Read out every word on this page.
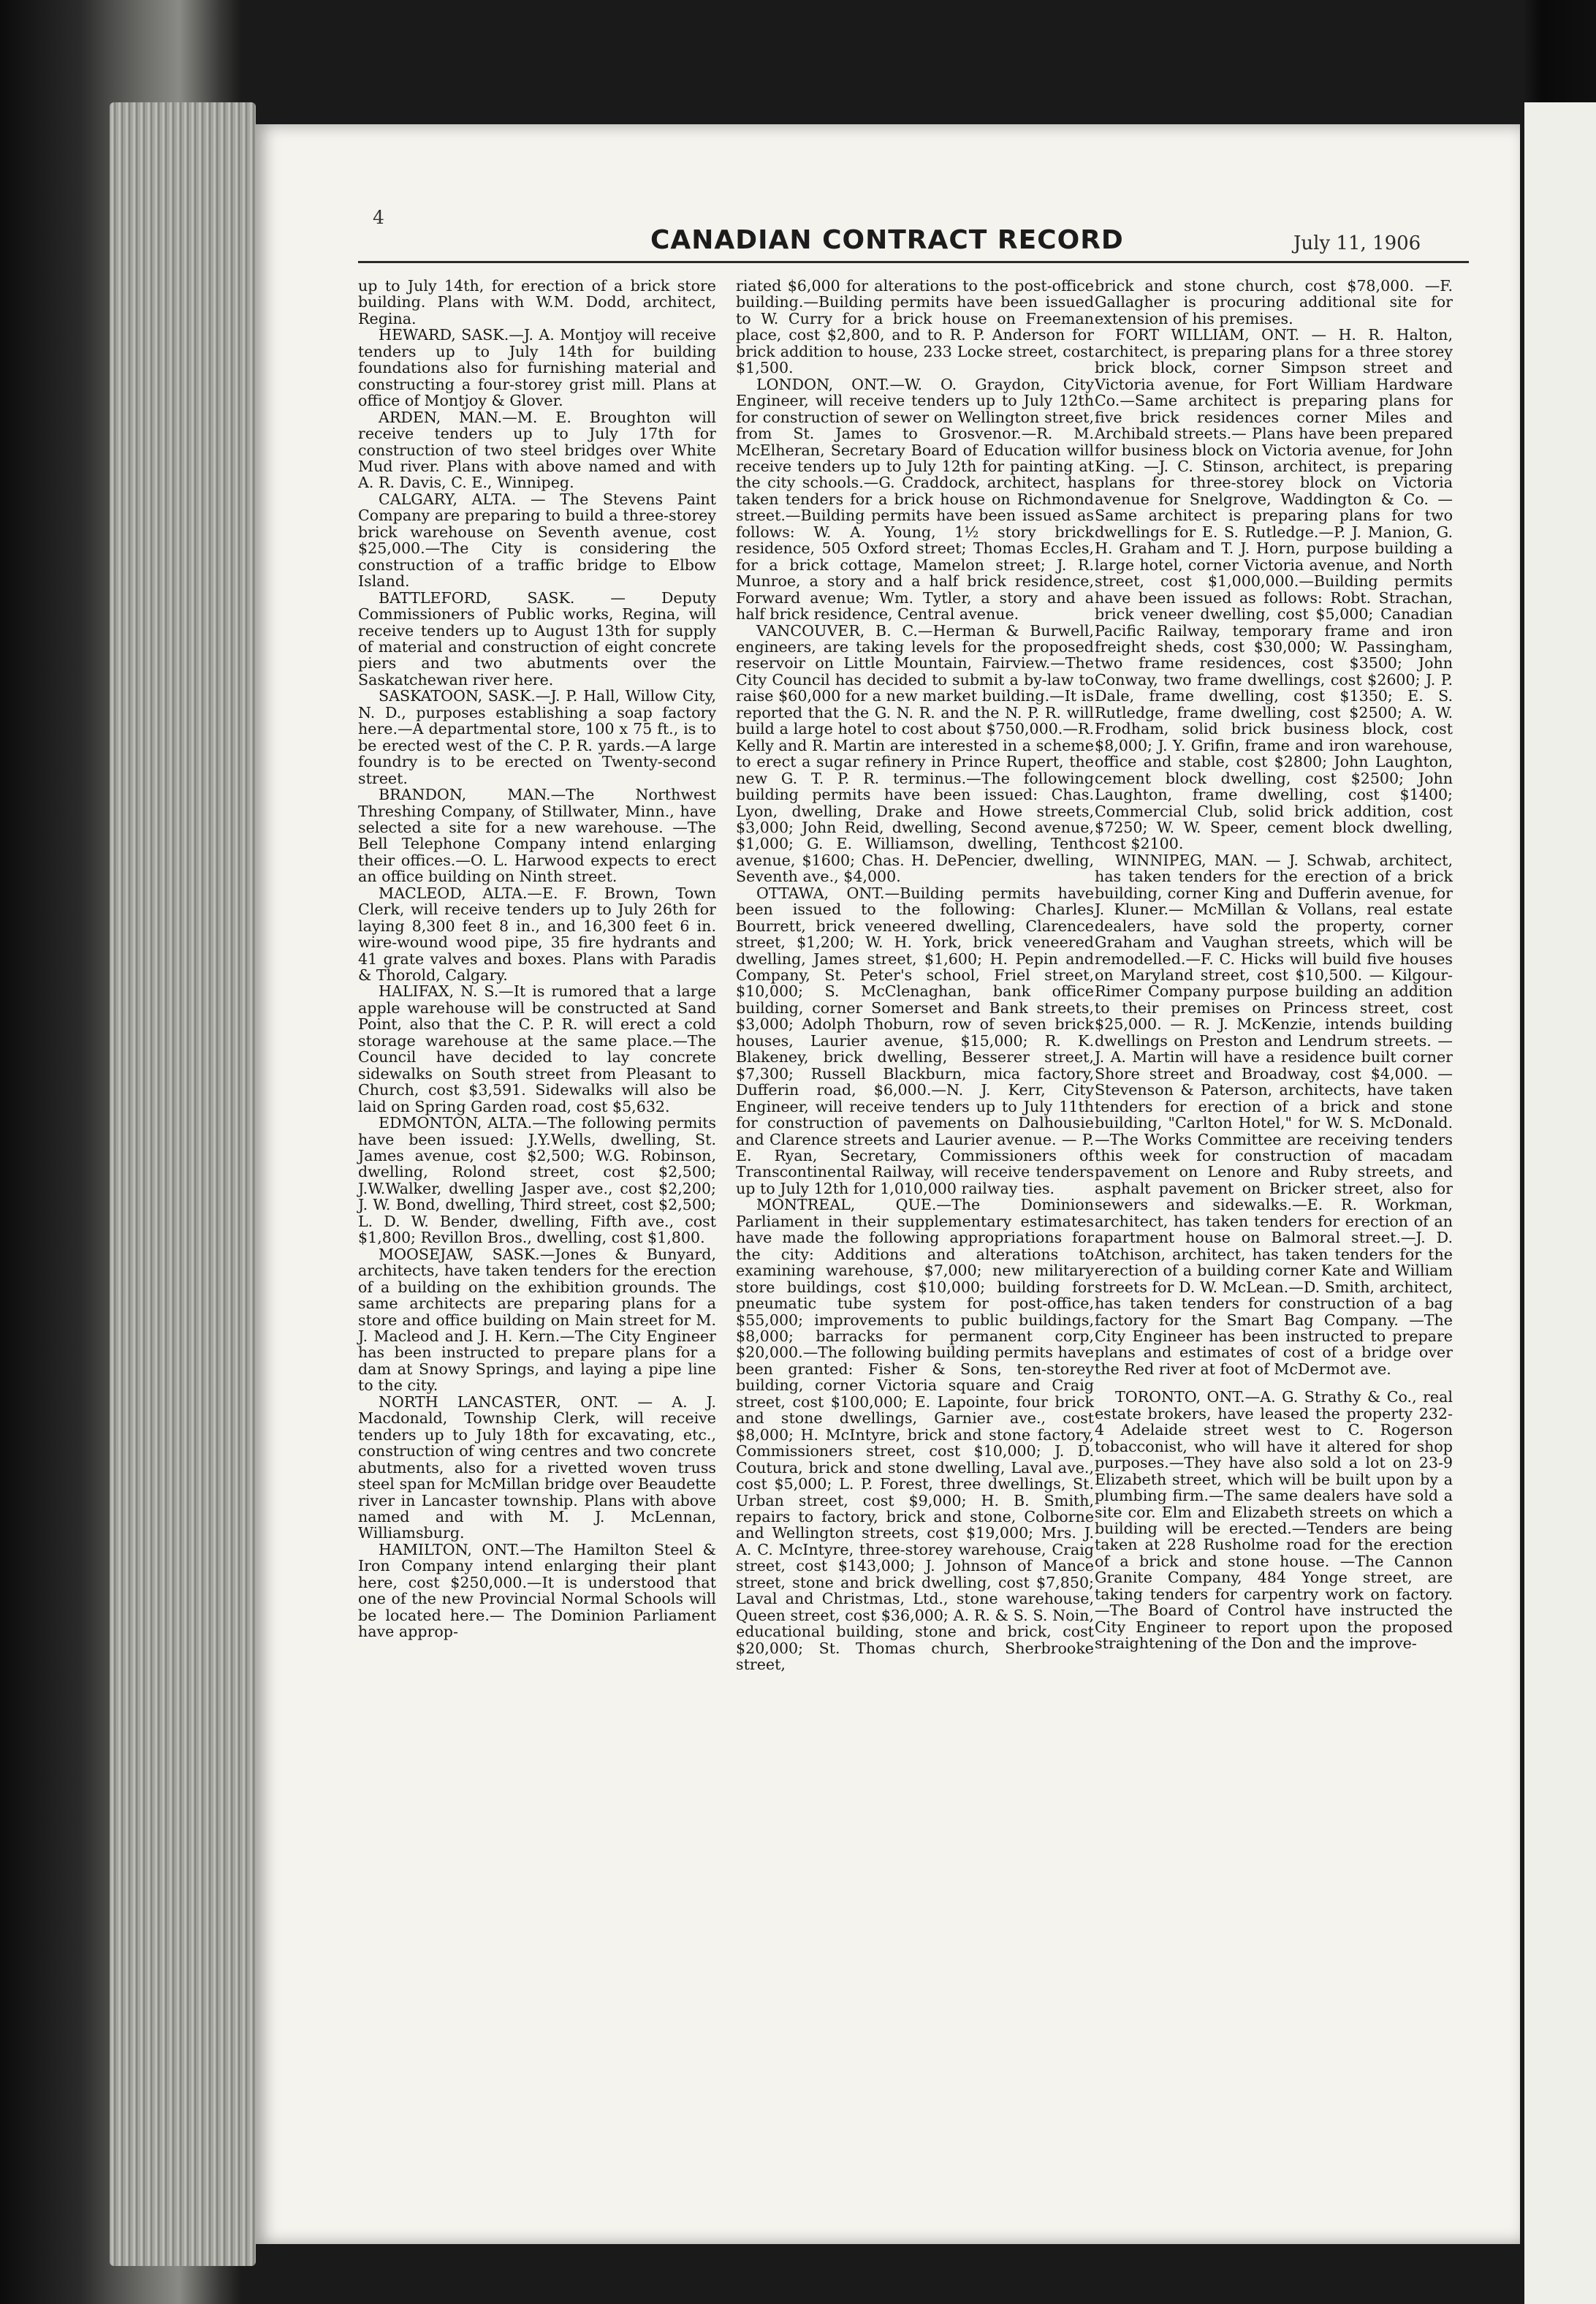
4
CANADIAN CONTRACT RECORD	July 11, 1906

up to July 14th, for erection of a brick store building. Plans with W.M. Dodd, architect, Regina.

HEWARD, SASK.—J. A. Montjoy will receive tenders up to July 14th for building foundations also for furnishing material and constructing a four-storey grist mill. Plans at office of Montjoy & Glover.

ARDEN, MAN.—M. E. Broughton will receive tenders up to July 17th for construction of two steel bridges over White Mud river. Plans with above named and with A. R. Davis, C. E., Winnipeg.

CALGARY, ALTA. — The Stevens Paint Company are preparing to build a three-storey brick warehouse on Seventh avenue, cost $25,000.—The City is considering the construction of a traffic bridge to Elbow Island.

BATTLEFORD, SASK. — Deputy Commissioners of Public works, Regina, will receive tenders up to August 13th for supply of material and construction of eight concrete piers and two abutments over the Saskatchewan river here.

SASKATOON, SASK.—J. P. Hall, Willow City, N. D., purposes establishing a soap factory here.—A departmental store, 100 x 75 ft., is to be erected west of the C. P. R. yards.—A large foundry is to be erected on Twenty-second street.

BRANDON, MAN.—The Northwest Threshing Company, of Stillwater, Minn., have selected a site for a new warehouse. —The Bell Telephone Company intend enlarging their offices.—O. L. Harwood expects to erect an office building on Ninth street.

MACLEOD, ALTA.—E. F. Brown, Town Clerk, will receive tenders up to July 26th for laying 8,300 feet 8 in., and 16,300 feet 6 in. wire-wound wood pipe, 35 fire hydrants and 41 grate valves and boxes. Plans with Paradis & Thorold, Calgary.

HALIFAX, N. S.—It is rumored that a large apple warehouse will be constructed at Sand Point, also that the C. P. R. will erect a cold storage warehouse at the same place.—The Council have decided to lay concrete sidewalks on South street from Pleasant to Church, cost $3,591. Sidewalks will also be laid on Spring Garden road, cost $5,632.

EDMONTON, ALTA.—The following permits have been issued: J.Y.Wells, dwelling, St. James avenue, cost $2,500; W.G. Robinson, dwelling, Rolond street, cost $2,500; J.W.Walker, dwelling Jasper ave., cost $2,200; J. W. Bond, dwelling, Third street, cost $2,500; L. D. W. Bender, dwelling, Fifth ave., cost $1,800; Revillon Bros., dwelling, cost $1,800.

MOOSEJAW, SASK.—Jones & Bunyard, architects, have taken tenders for the erection of a building on the exhibition grounds. The same architects are preparing plans for a store and office building on Main street for M. J. Macleod and J. H. Kern.—The City Engineer has been instructed to prepare plans for a dam at Snowy Springs, and laying a pipe line to the city.

NORTH LANCASTER, ONT. — A. J. Macdonald, Township Clerk, will receive tenders up to July 18th for excavating, etc., construction of wing centres and two concrete abutments, also for a rivetted woven truss steel span for McMillan bridge over Beaudette river in Lancaster township. Plans with above named and with M. J. McLennan, Williamsburg.

HAMILTON, ONT.—The Hamilton Steel & Iron Company intend enlarging their plant here, cost $250,000.—It is understood that one of the new Provincial Normal Schools will be located here.— The Dominion Parliament have approp-

riated $6,000 for alterations to the post-office building.—Building permits have been issued to W. Curry for a brick house on Freeman place, cost $2,800, and to R. P. Anderson for brick addition to house, 233 Locke street, cost $1,500.

LONDON, ONT.—W. O. Graydon, City Engineer, will receive tenders up to July 12th for construction of sewer on Wellington street, from St. James to Grosvenor.—R. M. McElheran, Secretary Board of Education will receive tenders up to July 12th for painting at the city schools.—G. Craddock, architect, has taken tenders for a brick house on Richmond street.—Building permits have been issued as follows: W. A. Young, 1½ story brick residence, 505 Oxford street; Thomas Eccles, for a brick cottage, Mamelon street; J. R. Munroe, a story and a half brick residence, Forward avenue; Wm. Tytler, a story and a half brick residence, Central avenue.

VANCOUVER, B. C.—Herman & Burwell, engineers, are taking levels for the proposed reservoir on Little Mountain, Fairview.—The City Council has decided to submit a by-law to raise $60,000 for a new market building.—It is reported that the G. N. R. and the N. P. R. will build a large hotel to cost about $750,000.—R. Kelly and R. Martin are interested in a scheme to erect a sugar refinery in Prince Rupert, the new G. T. P. R. terminus.—The following building permits have been issued: Chas. Lyon, dwelling, Drake and Howe streets, $3,000; John Reid, dwelling, Second avenue, $1,000; G. E. Williamson, dwelling, Tenth avenue, $1600; Chas. H. DePencier, dwelling, Seventh ave., $4,000.

OTTAWA, ONT.—Building permits have been issued to the following: Charles Bourrett, brick veneered dwelling, Clarence street, $1,200; W. H. York, brick veneered dwelling, James street, $1,600; H. Pepin and Company, St. Peter's school, Friel street, $10,000; S. McClenaghan, bank office building, corner Somerset and Bank streets, $3,000; Adolph Thoburn, row of seven brick houses, Laurier avenue, $15,000; R. K. Blakeney, brick dwelling, Besserer street, $7,300; Russell Blackburn, mica factory, Dufferin road, $6,000.—N. J. Kerr, City Engineer, will receive tenders up to July 11th for construction of pavements on Dalhousie and Clarence streets and Laurier avenue. — P. E. Ryan, Secretary, Commissioners of Transcontinental Railway, will receive tenders up to July 12th for 1,010,000 railway ties.

MONTREAL, QUE.—The Dominion Parliament in their supplementary estimates have made the following appropriations for the city: Additions and alterations to examining warehouse, $7,000; new military store buildings, cost $10,000; building for pneumatic tube system for post-office, $55,000; improvements to public buildings, $8,000; barracks for permanent corp, $20,000.—The following building permits have been granted: Fisher & Sons, ten-storey building, corner Victoria square and Craig street, cost $100,000; E. Lapointe, four brick and stone dwellings, Garnier ave., cost $8,000; H. McIntyre, brick and stone factory, Commissioners street, cost $10,000; J. D. Coutura, brick and stone dwelling, Laval ave., cost $5,000; L. P. Forest, three dwellings, St. Urban street, cost $9,000; H. B. Smith, repairs to factory, brick and stone, Colborne and Wellington streets, cost $19,000; Mrs. J. A. C. McIntyre, three-storey warehouse, Craig street, cost $143,000; J. Johnson of Mance street, stone and brick dwelling, cost $7,850; Laval and Christmas, Ltd., stone warehouse, Queen street, cost $36,000; A. R. & S. S. Noin, educational building, stone and brick, cost $20,000; St. Thomas church, Sherbrooke street,

brick and stone church, cost $78,000. —F. Gallagher is procuring additional site for extension of his premises.

FORT WILLIAM, ONT. — H. R. Halton, architect, is preparing plans for a three storey brick block, corner Simpson street and Victoria avenue, for Fort William Hardware Co.—Same architect is preparing plans for five brick residences corner Miles and Archibald streets.— Plans have been prepared for business block on Victoria avenue, for John King. —J. C. Stinson, architect, is preparing plans for three-storey block on Victoria avenue for Snelgrove, Waddington & Co. —Same architect is preparing plans for two dwellings for E. S. Rutledge.—P. J. Manion, G. H. Graham and T. J. Horn, purpose building a large hotel, corner Victoria avenue, and North street, cost $1,000,000.—Building permits have been issued as follows: Robt. Strachan, brick veneer dwelling, cost $5,000; Canadian Pacific Railway, temporary frame and iron freight sheds, cost $30,000; W. Passingham, two frame residences, cost $3500; John Conway, two frame dwellings, cost $2600; J. P. Dale, frame dwelling, cost $1350; E. S. Rutledge, frame dwelling, cost $2500; A. W. Frodham, solid brick business block, cost $8,000; J. Y. Grifin, frame and iron warehouse, office and stable, cost $2800; John Laughton, cement block dwelling, cost $2500; John Laughton, frame dwelling, cost $1400; Commercial Club, solid brick addition, cost $7250; W. W. Speer, cement block dwelling, cost $2100.

WINNIPEG, MAN. — J. Schwab, architect, has taken tenders for the erection of a brick building, corner King and Dufferin avenue, for J. Kluner.— McMillan & Vollans, real estate dealers, have sold the property, corner Graham and Vaughan streets, which will be remodelled.—F. C. Hicks will build five houses on Maryland street, cost $10,500. — Kilgour-Rimer Company purpose building an addition to their premises on Princess street, cost $25,000. — R. J. McKenzie, intends building dwellings on Preston and Lendrum streets. — J. A. Martin will have a residence built corner Shore street and Broadway, cost $4,000. —Stevenson & Paterson, architects, have taken tenders for erection of a brick and stone building, "Carlton Hotel," for W. S. McDonald.—The Works Committee are receiving tenders this week for construction of macadam pavement on Lenore and Ruby streets, and asphalt pavement on Bricker street, also for sewers and sidewalks.—E. R. Workman, architect, has taken tenders for erection of an apartment house on Balmoral street.—J. D. Atchison, architect, has taken tenders for the erection of a building corner Kate and William streets for D. W. McLean.—D. Smith, architect, has taken tenders for construction of a bag factory for the Smart Bag Company. —The City Engineer has been instructed to prepare plans and estimates of cost of a bridge over the Red river at foot of McDermot ave.

TORONTO, ONT.—A. G. Strathy & Co., real estate brokers, have leased the property 232-4 Adelaide street west to C. Rogerson tobacconist, who will have it altered for shop purposes.—They have also sold a lot on 23-9 Elizabeth street, which will be built upon by a plumbing firm.—The same dealers have sold a site cor. Elm and Elizabeth streets on which a building will be erected.—Tenders are being taken at 228 Rusholme road for the erection of a brick and stone house. —The Cannon Granite Company, 484 Yonge street, are taking tenders for carpentry work on factory.—The Board of Control have instructed the City Engineer to report upon the proposed straightening of the Don and the improve-
